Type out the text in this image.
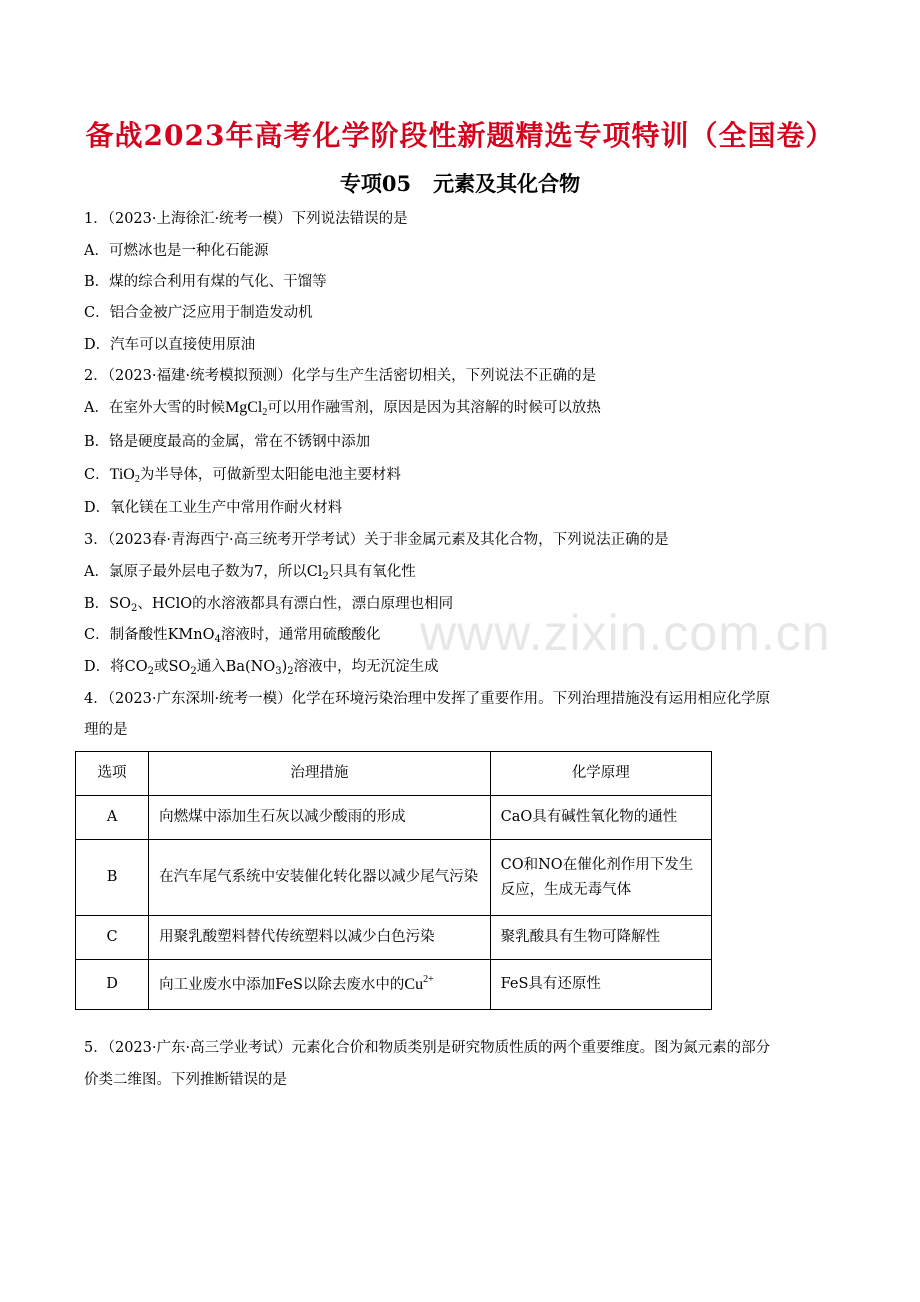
www.zixin.com.cn
备战2023年高考化学阶段性新题精选专项特训（全国卷）
专项05 元素及其化合物
1．（2023·上海徐汇·统考一模）下列说法错误的是
A．可燃冰也是一种化石能源
B．煤的综合利用有煤的气化、干馏等
C．铝合金被广泛应用于制造发动机
D．汽车可以直接使用原油
2．（2023·福建·统考模拟预测）化学与生产生活密切相关，下列说法不正确的是
A．在室外大雪的时候MgCl$_2$可以用作融雪剂，原因是因为其溶解的时候可以放热
B．铬是硬度最高的金属，常在不锈钢中添加
C．TiO$_2$为半导体，可做新型太阳能电池主要材料
D．氧化镁在工业生产中常用作耐火材料
3．（2023春·青海西宁·高三统考开学考试）关于非金属元素及其化合物，下列说法正确的是
A．氯原子最外层电子数为7，所以$Cl_2$只具有氧化性
B．$SO_2$、HClO的水溶液都具有漂白性，漂白原理也相同
C．制备酸性KMnO$_4$溶液时，通常用硫酸酸化
D．将$CO_2$或$SO_2$通入$Ba(NO_3)_2$溶液中，均无沉淀生成
4．（2023·广东深圳·统考一模）化学在环境污染治理中发挥了重要作用。下列治理措施没有运用相应化学原
理的是
选项	治理措施	化学原理
A	向燃煤中添加生石灰以减少酸雨的形成	CaO具有碱性氧化物的通性
B	在汽车尾气系统中安装催化转化器以减少尾气污染	CO和NO在催化剂作用下发生反应，生成无毒气体
C	用聚乳酸塑料替代传统塑料以减少白色污染	聚乳酸具有生物可降解性
D	向工业废水中添加FeS以除去废水中的$Cu^{2+}$	FeS具有还原性
5．（2023·广东·高三学业考试）元素化合价和物质类别是研究物质性质的两个重要维度。图为氮元素的部分
价类二维图。下列推断错误的是
